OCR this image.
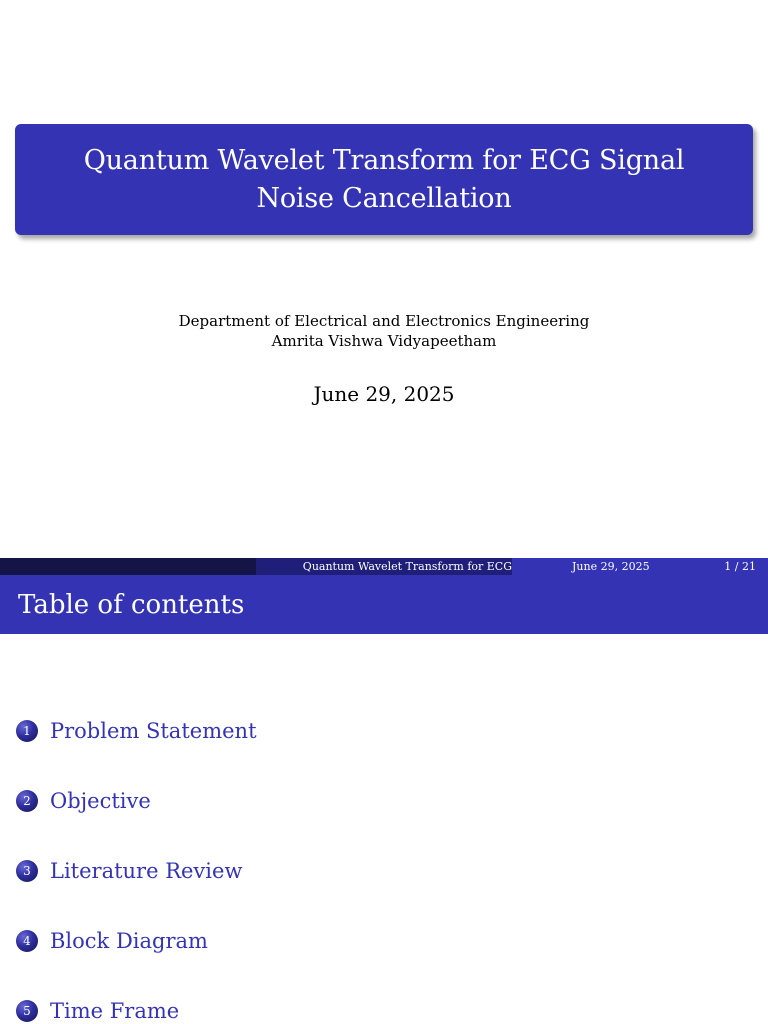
Quantum Wavelet Transform for ECG Signal Noise Cancellation
Department of Electrical and Electronics Engineering
Amrita Vishwa Vidyapeetham
June 29, 2025
Quantum Wavelet Transform for ECG	June 29, 2025	1 / 21
Table of contents
1 Problem Statement
2 Objective
3 Literature Review
4 Block Diagram
5 Time Frame
